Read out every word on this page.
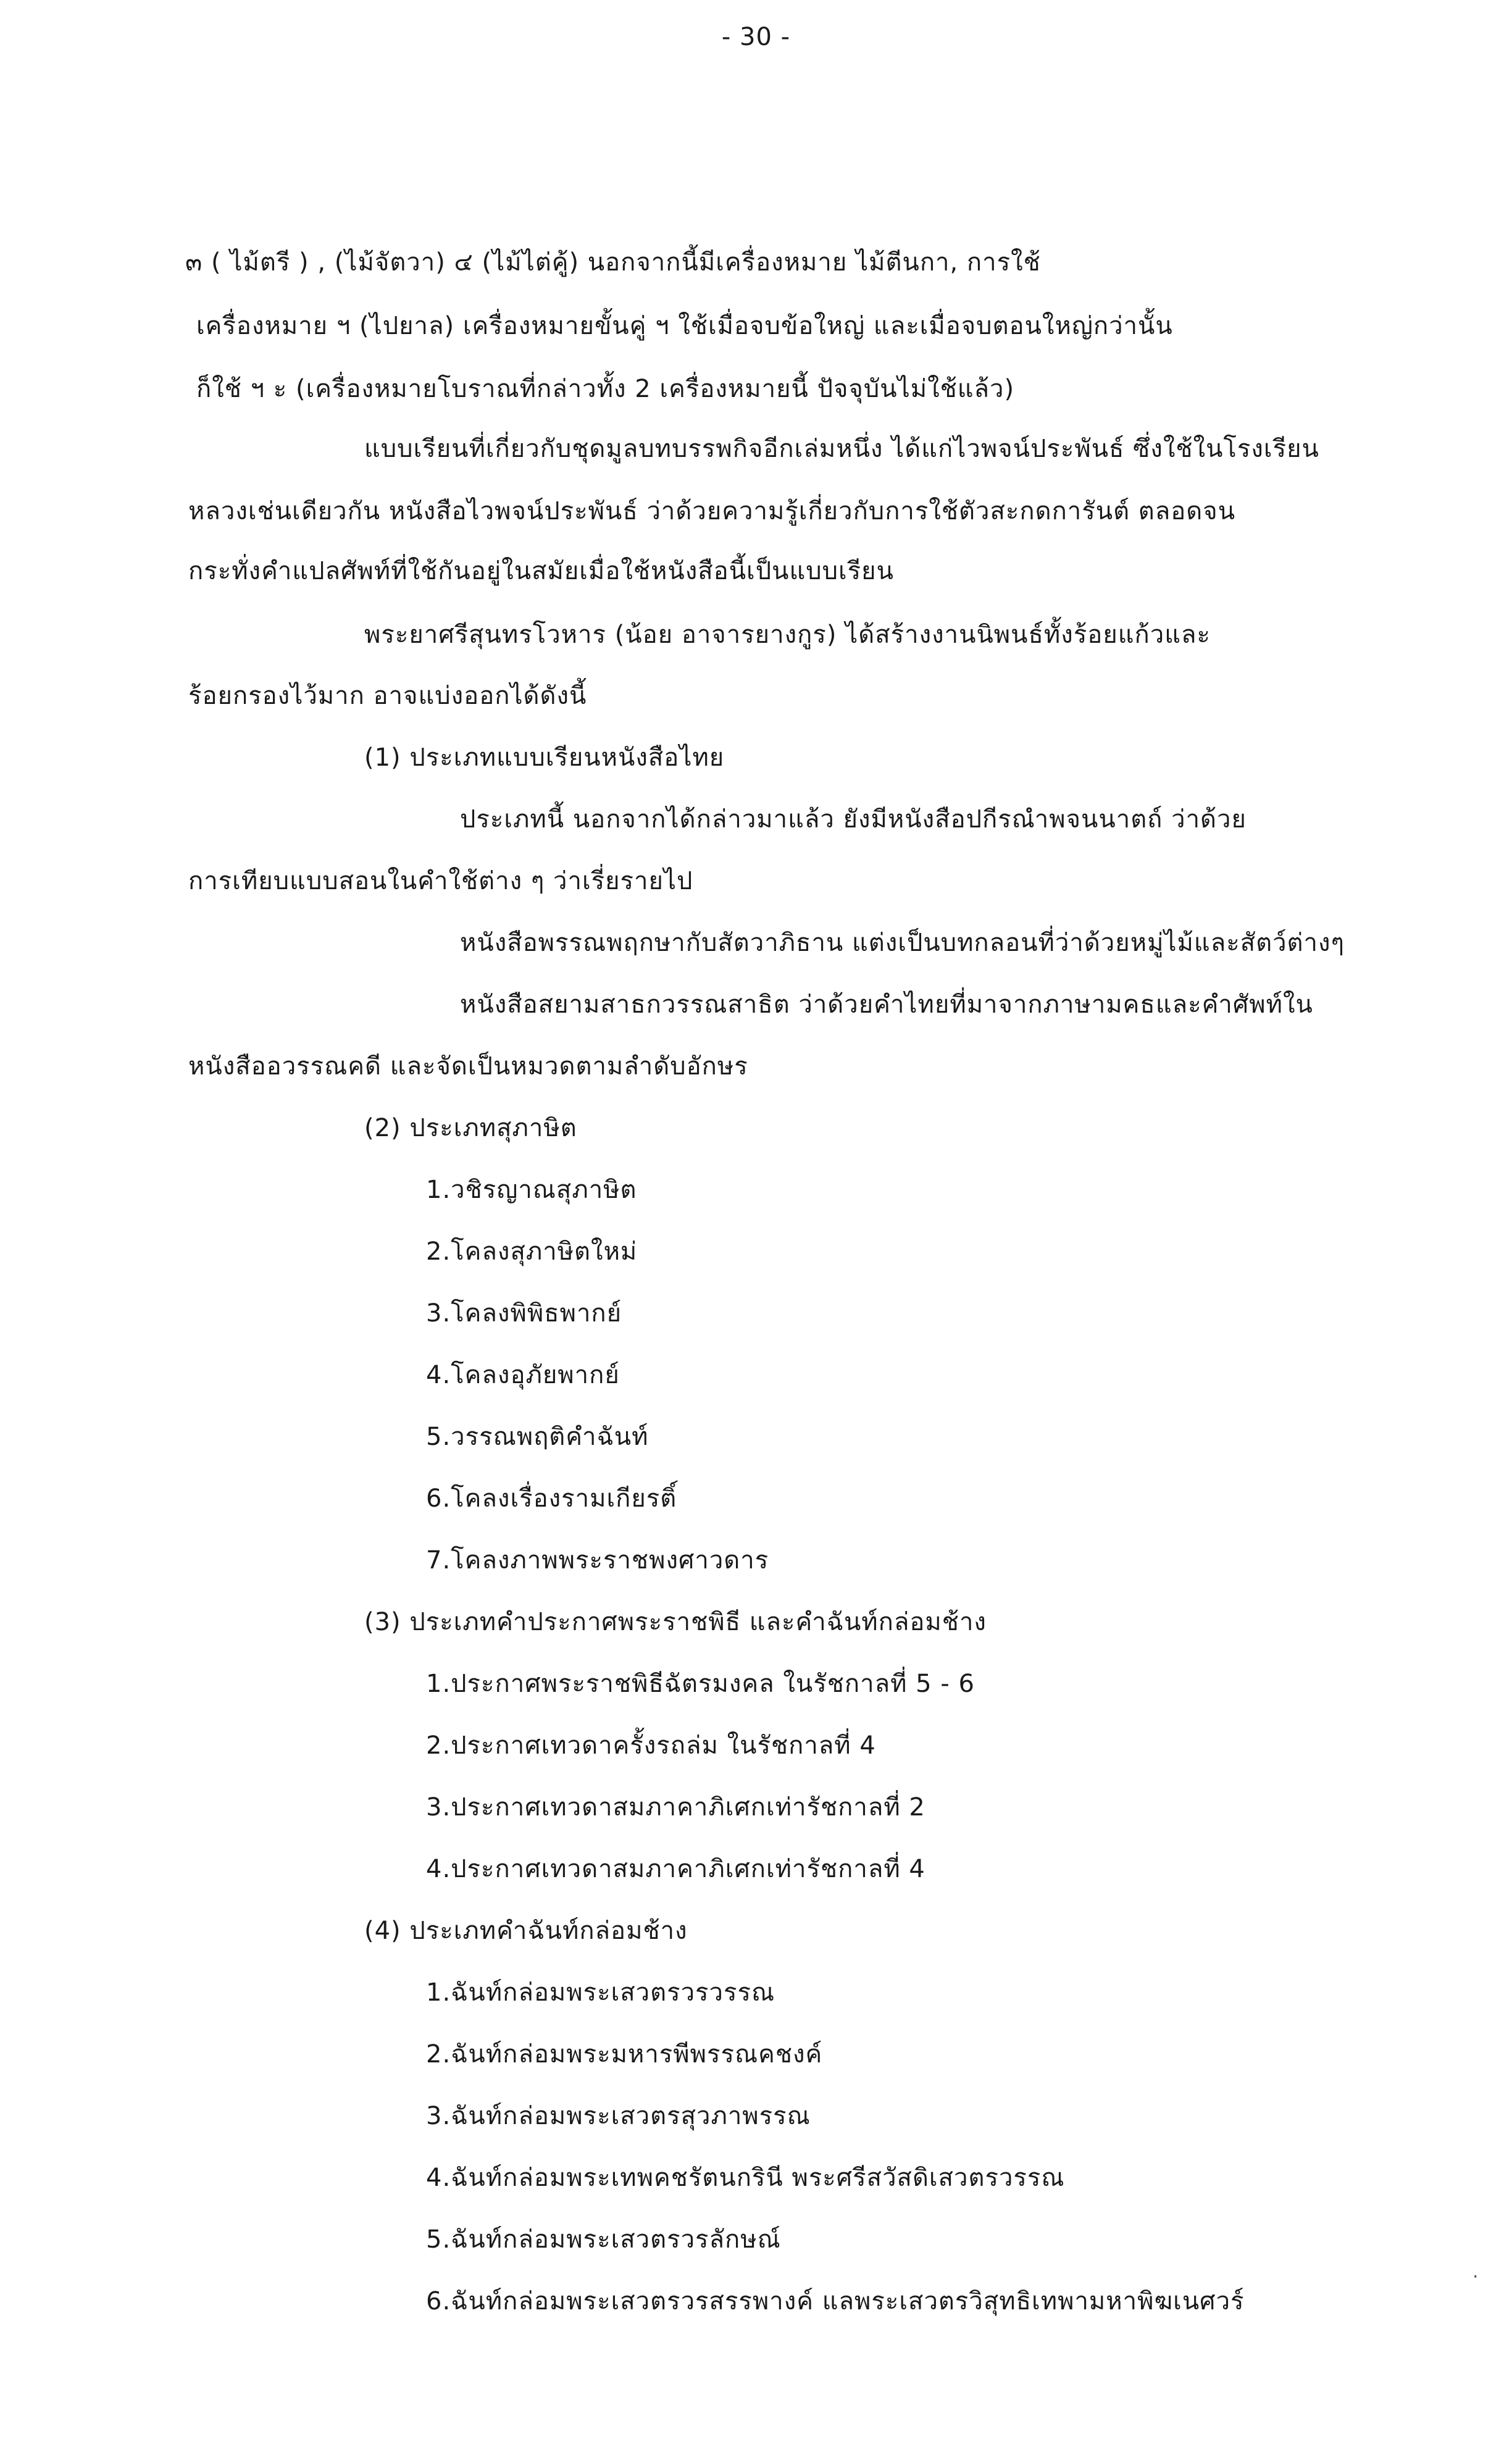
- 30 -
๓ ( ไม้ตรี ) , (ไม้จัตวา) ๔ (ไม้ไต่คู้) นอกจากนี้มีเครื่องหมาย ไม้ตีนกา, การใช้
เครื่องหมาย ฯ (ไปยาล) เครื่องหมายขั้นคู่ ฯ ใช้เมื่อจบข้อใหญ่ และเมื่อจบตอนใหญ่กว่านั้น
ก็ใช้ ฯ ะ (เครื่องหมายโบราณที่กล่าวทั้ง 2 เครื่องหมายนี้ ปัจจุบันไม่ใช้แล้ว)
แบบเรียนที่เกี่ยวกับชุดมูลบทบรรพกิจอีกเล่มหนึ่ง ได้แก่ไวพจน์ประพันธ์ ซึ่งใช้ในโรงเรียน
หลวงเช่นเดียวกัน หนังสือไวพจน์ประพันธ์ ว่าด้วยความรู้เกี่ยวกับการใช้ตัวสะกดการันต์ ตลอดจน
กระทั่งคำแปลศัพท์ที่ใช้กันอยู่ในสมัยเมื่อใช้หนังสือนี้เป็นแบบเรียน
พระยาศรีสุนทรโวหาร (น้อย อาจารยางกูร) ได้สร้างงานนิพนธ์ทั้งร้อยแก้วและ
ร้อยกรองไว้มาก อาจแบ่งออกได้ดังนี้
(1) ประเภทแบบเรียนหนังสือไทย
ประเภทนี้ นอกจากได้กล่าวมาแล้ว ยังมีหนังสือปกีรณำพจนนาตถ์ ว่าด้วย
การเทียบแบบสอนในคำใช้ต่าง ๆ ว่าเรี่ยรายไป
หนังสือพรรณพฤกษากับสัตวาภิธาน แต่งเป็นบทกลอนที่ว่าด้วยหมู่ไม้และสัตว์ต่างๆ
หนังสือสยามสาธกวรรณสาธิต ว่าด้วยคำไทยที่มาจากภาษามคธและคำศัพท์ใน
หนังสืออวรรณคดี และจัดเป็นหมวดตามลำดับอักษร
(2) ประเภทสุภาษิต
1.วชิรญาณสุภาษิต
2.โคลงสุภาษิตใหม่
3.โคลงพิพิธพากย์
4.โคลงอุภัยพากย์
5.วรรณพฤติคำฉันท์
6.โคลงเรื่องรามเกียรติ์
7.โคลงภาพพระราชพงศาวดาร
(3) ประเภทคำประกาศพระราชพิธี และคำฉันท์กล่อมช้าง
1.ประกาศพระราชพิธีฉัตรมงคล ในรัชกาลที่ 5 - 6
2.ประกาศเทวดาครั้งรถล่ม ในรัชกาลที่ 4
3.ประกาศเทวดาสมภาคาภิเศกเท่ารัชกาลที่ 2
4.ประกาศเทวดาสมภาคาภิเศกเท่ารัชกาลที่ 4
(4) ประเภทคำฉันท์กล่อมช้าง
1.ฉันท์กล่อมพระเสวตรวรวรรณ
2.ฉันท์กล่อมพระมหารพีพรรณคชงค์
3.ฉันท์กล่อมพระเสวตรสุวภาพรรณ
4.ฉันท์กล่อมพระเทพคชรัตนกรินี พระศรีสวัสดิเสวตรวรรณ
5.ฉันท์กล่อมพระเสวตรวรลักษณ์
6.ฉันท์กล่อมพระเสวตรวรสรรพางค์ แลพระเสวตรวิสุทธิเทพามหาพิฆเนศวร์
·
